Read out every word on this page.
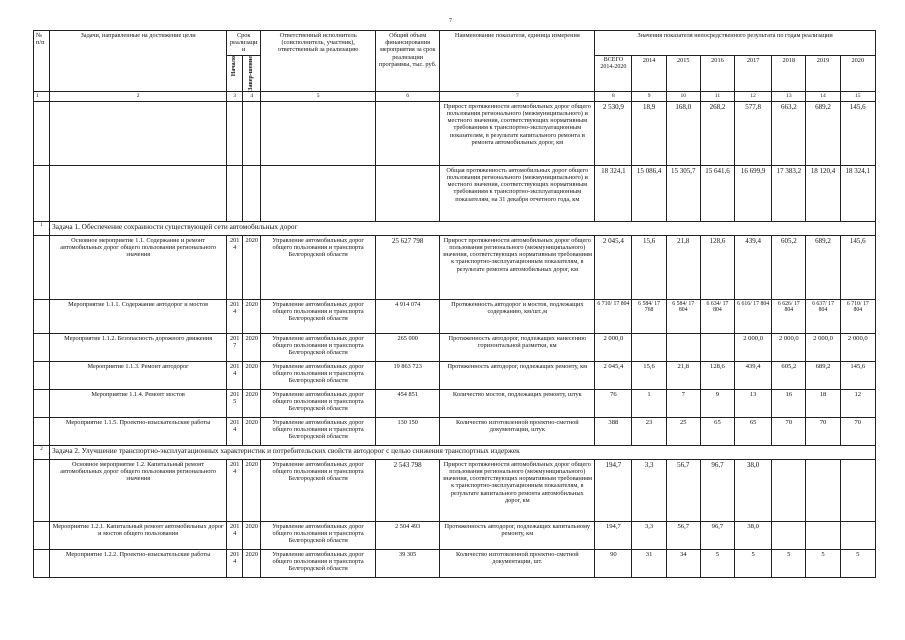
7
№ п/п	Задачи, направленные на достижение цели	Срок реализации		Ответственный исполнитель (соисполнитель, участник), ответственный за реализацию	Общий объем финансирования мероприятия за срок реализации программы, тыс. руб.	Наименование показателя, единица измерения	Значения показателя непосредственного результата по годам реализации							

		Начало	Завер-шение				ВСЕГО 2014-2020	2014	2015	2016	2017	2018	2019	2020
1	2	3	4	5	6	7	8	9	10	11	12	13	14	15
						Прирост протяженности автомобильных дорог общего пользования регионального (межмуниципального) и местного значения, соответствующих нормативным требованиям к транспортно-эксплуатационным показателям, в результате капитального ремонта и ремонта автомобильных дорог, км	2 530,9	18,9	168,0	268,2	577,8	663,2	689,2	145,6
						Общая протяженность автомобильных дорог общего пользования регионального (межмуниципального) и местного значения, соответствующих нормативным требованиям к транспортно-эксплуатационным показателям, на 31 декабря отчетного года, км	18 324,1	15 086,4	15 305,7	15 641,6	16 699,9	17 383,2	18 120,4	18 324,1
1	Задача 1. Обеспечение сохранности существующей сети автомобильных дорог													
	Основное мероприятие 1.1. Содержание и ремонт автомобильных дорог общего пользования регионального значения	2014	2020	Управление автомобильных дорог общего пользования и транспорта Белгородской области	25 627 798	Прирост протяженности автомобильных дорог общего пользования регионального (межмуниципального) значения, соответствующих нормативным требованиям к транспортно-эксплуатационным показателям, в результате ремонта автомобильных дорог, км	2 045,4	15,6	21,8	128,6	439,4	605,2	689,2	145,6
	Мероприятие 1.1.1. Содержание автодорог и мостов	2014	2020	Управление автомобильных дорог общего пользования и транспорта Белгородской области	4 914 074	Протяженность автодорог и мостов, подлежащих содержанию, км/шт.,м	6 710/ 17 804	6 584/ 17 768	6 584/ 17 804	6 634/ 17 804	6 616/ 17 804	6 626/ 17 804	6 637/ 17 804	6 710/ 17 804
	Мероприятие 1.1.2. Безопасность дорожного движения	2017	2020	Управление автомобильных дорог общего пользования и транспорта Белгородской области	265 000	Протяженность автодорог, подлежащих нанесению горизонтальной разметки, км	2 000,0				2 000,0	2 000,0	2 000,0	2 000,0
	Мероприятие 1.1.3. Ремонт автодорог	2014	2020	Управление автомобильных дорог общего пользования и транспорта Белгородской области	19 863 723	Протяженность автодорог, подлежащих ремонту, км	2 045,4	15,6	21,8	128,6	439,4	605,2	689,2	145,6
	Мероприятие 1.1.4. Ремонт мостов	2015	2020	Управление автомобильных дорог общего пользования и транспорта Белгородской области	454 851	Количество мостов, подлежащих ремонту, штук	76	1	7	9	13	16	18	12
	Мероприятие 1.1.5. Проектно-изыскательские работы	2014	2020	Управление автомобильных дорог общего пользования и транспорта Белгородской области	130 150	Количество изготовленной проектно-сметной документации, штук	388	23	25	65	65	70	70	70
2	Задача 2. Улучшение транспортно-эксплуатационных характеристик и потребительских свойств автодорог с целью снижения транспортных издержек													
	Основное мероприятие 1.2. Капитальный ремонт автомобильных дорог общего пользования регионального значения	2014	2020	Управление автомобильных дорог общего пользования и транспорта Белгородской области	2 543 798	Прирост протяженности автомобильных дорог общего пользования регионального (межмуниципального) значения, соответствующих нормативным требованиям к транспортно-эксплуатационным показателям, в результате капитального ремонта автомобильных дорог, км	194,7	3,3	56,7	96,7	38,0			
	Мероприятие 1.2.1. Капитальный ремонт автомобильных дорог и мостов общего пользования	2014	2020	Управление автомобильных дорог общего пользования и транспорта Белгородской области	2 504 493	Протяженность автодорог, подлежащих капитальному ремонту, км	194,7	3,3	56,7	96,7	38,0			
	Мероприятие 1.2.2. Проектно-изыскательские работы	2014	2020	Управление автомобильных дорог общего пользования и транспорта Белгородской области	39 305	Количество изготовленной проектно-сметной документации, шт.	90	31	34	5	5	5	5	5
